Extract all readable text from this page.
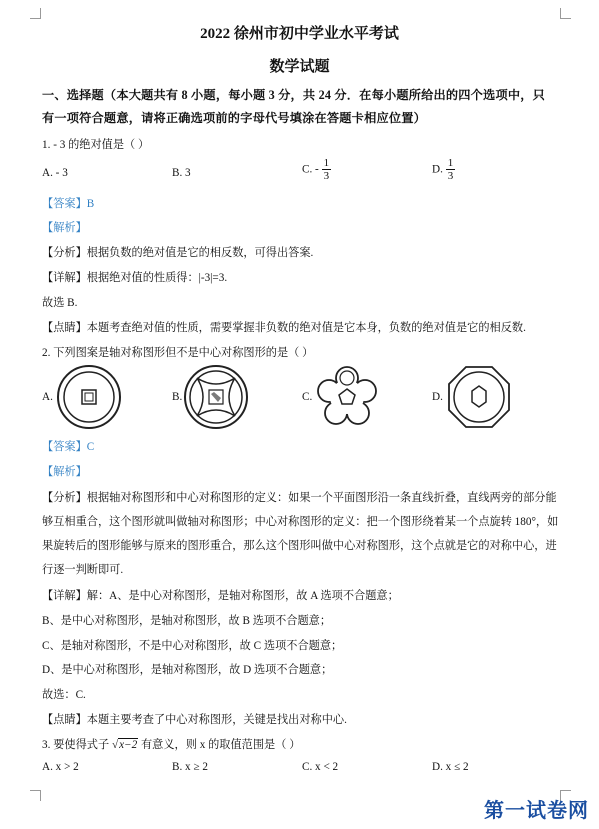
2022 徐州市初中学业水平考试
数学试题
一、选择题（本大题共有 8 小题，每小题 3 分，共 24 分．在每小题所给出的四个选项中，只
有一项符合题意，请将正确选项前的字母代号填涂在答题卡相应位置）
1. - 3 的绝对值是（ ）
A. - 3	B. 3	C. - $\frac{1}{3}$	D. $\frac{1}{3}$
【答案】B
【解析】
【分析】根据负数的绝对值是它的相反数，可得出答案.
【详解】根据绝对值的性质得：|-3|=3.
故选 B.
【点睛】本题考查绝对值的性质，需要掌握非负数的绝对值是它本身，负数的绝对值是它的相反数.
2. 下列图案是轴对称图形但不是中心对称图形的是（ ）
A.	B.	C.	D.
【答案】C
【解析】
【分析】根据轴对称图形和中心对称图形的定义：如果一个平面图形沿一条直线折叠，直线两旁的部分能
够互相重合，这个图形就叫做轴对称图形；中心对称图形的定义：把一个图形绕着某一个点旋转 180°，如
果旋转后的图形能够与原来的图形重合，那么这个图形叫做中心对称图形，这个点就是它的对称中心，进
行逐一判断即可.
【详解】解：A、是中心对称图形，是轴对称图形，故 A 选项不合题意；
B、是中心对称图形，是轴对称图形，故 B 选项不合题意；
C、是轴对称图形，不是中心对称图形，故 C 选项不合题意；
D、是中心对称图形，是轴对称图形，故 D 选项不合题意；
故选：C.
【点睛】本题主要考查了中心对称图形，关键是找出对称中心.
3. 要使得式子 √x−2 有意义，则 x 的取值范围是（ ）
A. x > 2	B. x ≥ 2	C. x < 2	D. x ≤ 2
第一试卷网
